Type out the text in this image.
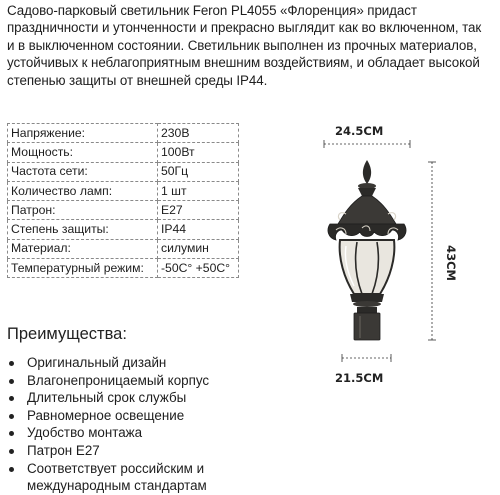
Садово-парковый светильник Feron PL4055 «Флоренция» придаст
праздничности и утонченности и прекрасно выглядит как во включенном, так
и в выключенном состоянии. Светильник выполнен из прочных материалов,
устойчивых к неблагоприятным внешним воздействиям, и обладает высокой
степенью защиты от внешней среды IP44.
Напряжение:	230В
Мощность:	100Вт
Частота сети:	50Гц
Количество ламп:	1 шт
Патрон:	E27
Степень защиты:	IP44
Материал:	силумин
Температурный режим:	-50С° +50С°
Преимущества:
Оригинальный дизайн
Влагонепроницаемый корпус
Длительный срок службы
Равномерное освещение
Удобство монтажа
Патрон E27
Соответствует российским и
международным стандартам
24.5CM
43CM
21.5CM
